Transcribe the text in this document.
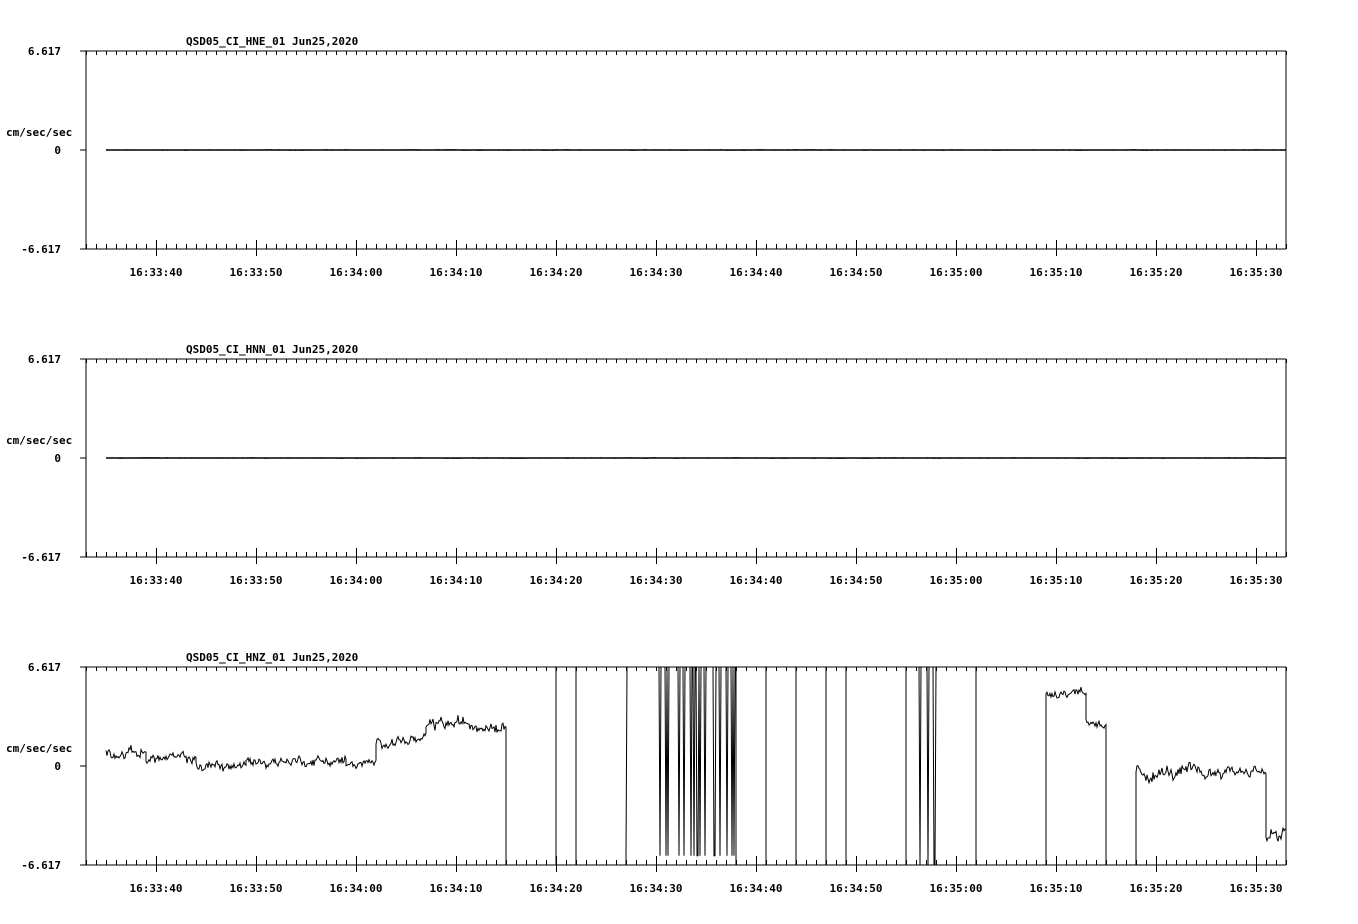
6.617
0
-6.617
cm/sec/sec
QSD05_CI_HNE_01 Jun25,2020
16:33:40	16:33:50	16:34:00	16:34:10	16:34:20	16:34:30	16:34:40	16:34:50	16:35:00	16:35:10	16:35:20	16:35:30
6.617
0
-6.617
cm/sec/sec
QSD05_CI_HNN_01 Jun25,2020
16:33:40	16:33:50	16:34:00	16:34:10	16:34:20	16:34:30	16:34:40	16:34:50	16:35:00	16:35:10	16:35:20	16:35:30
6.617
0
-6.617
cm/sec/sec
QSD05_CI_HNZ_01 Jun25,2020
16:33:40	16:33:50	16:34:00	16:34:10	16:34:20	16:34:30	16:34:40	16:34:50	16:35:00	16:35:10	16:35:20	16:35:30
